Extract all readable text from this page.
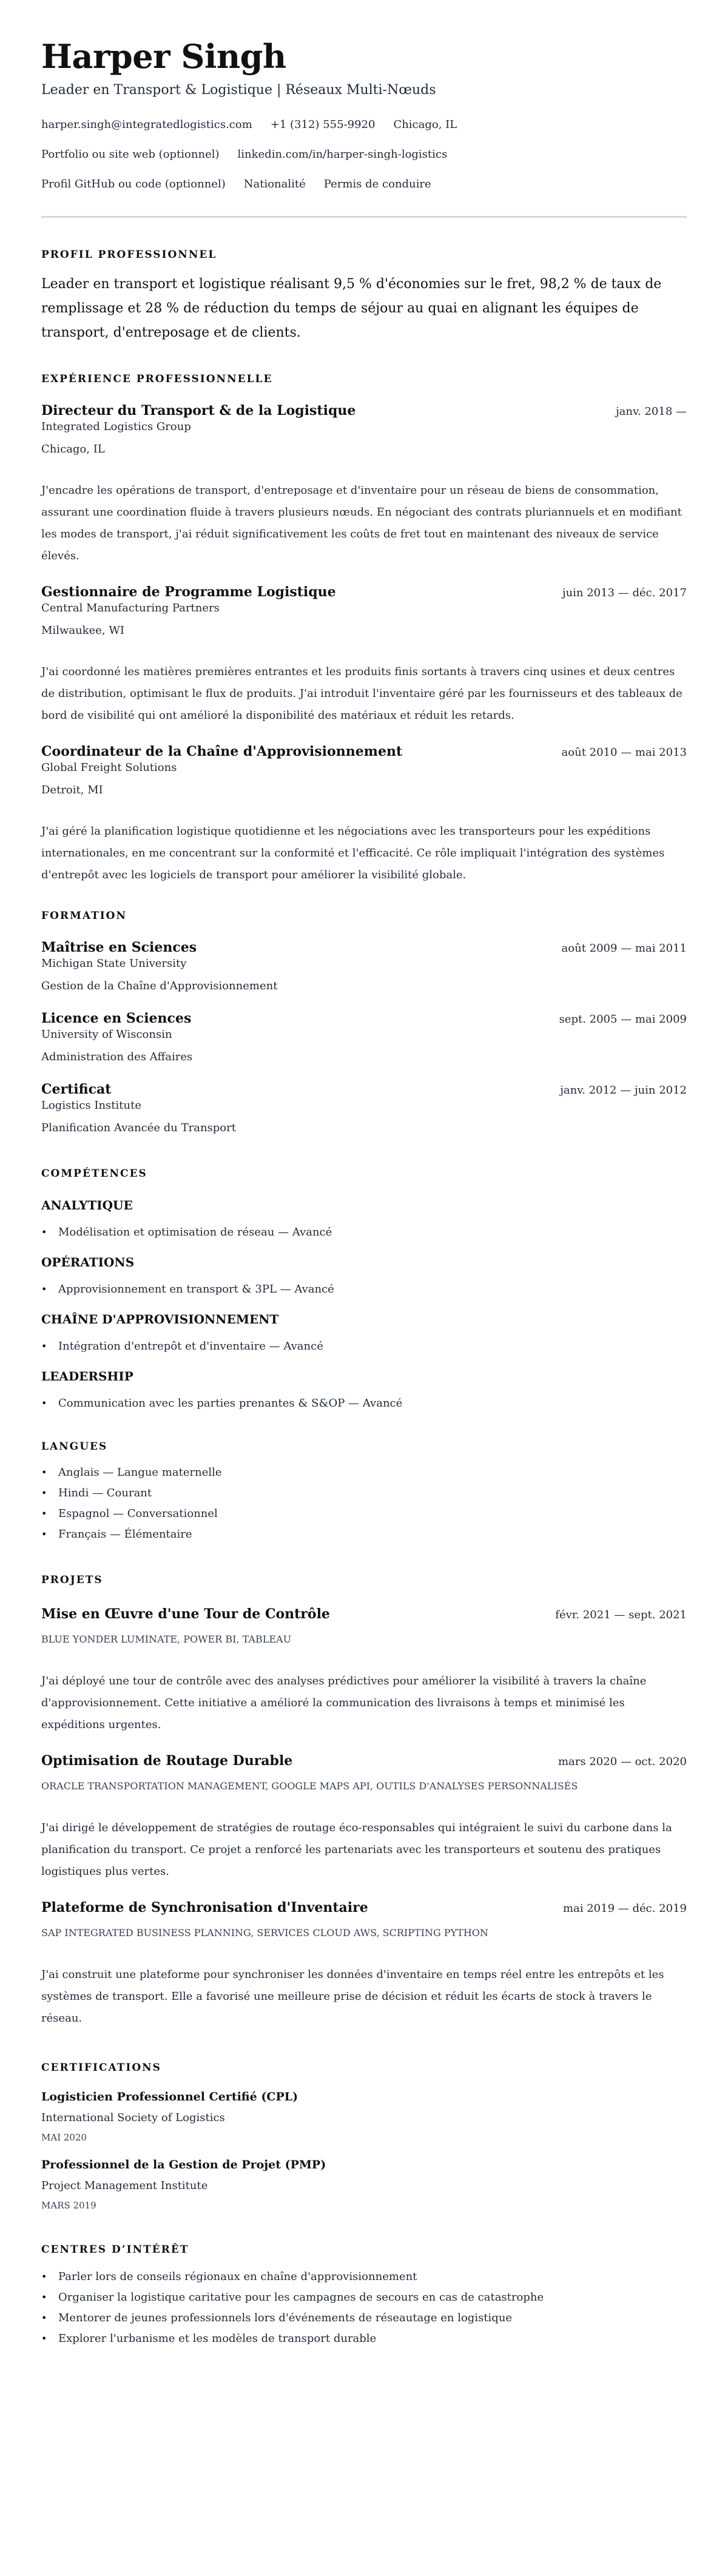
Harper Singh
Leader en Transport & Logistique | Réseaux Multi-Nœuds
harper.singh@integratedlogistics.com +1 (312) 555-9920 Chicago, IL
Portfolio ou site web (optionnel) linkedin.com/in/harper-singh-logistics
Profil GitHub ou code (optionnel) Nationalité Permis de conduire
PROFIL PROFESSIONNEL

Leader en transport et logistique réalisant 9,5 % d'économies sur le fret, 98,2 % de taux de remplissage et 28 % de réduction du temps de séjour au quai en alignant les équipes de transport, d'entreposage et de clients.

EXPÉRIENCE PROFESSIONNELLE
Directeur du Transport & de la Logistique	janv. 2018 —
Integrated Logistics Group
Chicago, IL

J'encadre les opérations de transport, d'entreposage et d'inventaire pour un réseau de biens de consommation, assurant une coordination fluide à travers plusieurs nœuds. En négociant des contrats pluriannuels et en modifiant les modes de transport, j'ai réduit significativement les coûts de fret tout en maintenant des niveaux de service élevés.

Gestionnaire de Programme Logistique	juin 2013 — déc. 2017
Central Manufacturing Partners
Milwaukee, WI

J'ai coordonné les matières premières entrantes et les produits finis sortants à travers cinq usines et deux centres de distribution, optimisant le flux de produits. J'ai introduit l'inventaire géré par les fournisseurs et des tableaux de bord de visibilité qui ont amélioré la disponibilité des matériaux et réduit les retards.

Coordinateur de la Chaîne d'Approvisionnement	août 2010 — mai 2013
Global Freight Solutions
Detroit, MI

J'ai géré la planification logistique quotidienne et les négociations avec les transporteurs pour les expéditions internationales, en me concentrant sur la conformité et l'efficacité. Ce rôle impliquait l'intégration des systèmes d'entrepôt avec les logiciels de transport pour améliorer la visibilité globale.

FORMATION
Maîtrise en Sciences	août 2009 — mai 2011
Michigan State University
Gestion de la Chaîne d'Approvisionnement
Licence en Sciences	sept. 2005 — mai 2009
University of Wisconsin
Administration des Affaires
Certificat	janv. 2012 — juin 2012
Logistics Institute
Planification Avancée du Transport
COMPÉTENCES
ANALYTIQUE
• Modélisation et optimisation de réseau — Avancé
OPÉRATIONS
• Approvisionnement en transport & 3PL — Avancé
CHAÎNE D'APPROVISIONNEMENT
• Intégration d'entrepôt et d'inventaire — Avancé
LEADERSHIP
• Communication avec les parties prenantes & S&OP — Avancé
LANGUES
• Anglais — Langue maternelle
• Hindi — Courant
• Espagnol — Conversationnel
• Français — Élémentaire
PROJETS
Mise en Œuvre d'une Tour de Contrôle	févr. 2021 — sept. 2021
BLUE YONDER LUMINATE, POWER BI, TABLEAU

J'ai déployé une tour de contrôle avec des analyses prédictives pour améliorer la visibilité à travers la chaîne d'approvisionnement. Cette initiative a amélioré la communication des livraisons à temps et minimisé les expéditions urgentes.

Optimisation de Routage Durable	mars 2020 — oct. 2020
ORACLE TRANSPORTATION MANAGEMENT, GOOGLE MAPS API, OUTILS D'ANALYSES PERSONNALISÉS

J'ai dirigé le développement de stratégies de routage éco-responsables qui intégraient le suivi du carbone dans la planification du transport. Ce projet a renforcé les partenariats avec les transporteurs et soutenu des pratiques logistiques plus vertes.

Plateforme de Synchronisation d'Inventaire	mai 2019 — déc. 2019
SAP INTEGRATED BUSINESS PLANNING, SERVICES CLOUD AWS, SCRIPTING PYTHON

J'ai construit une plateforme pour synchroniser les données d'inventaire en temps réel entre les entrepôts et les systèmes de transport. Elle a favorisé une meilleure prise de décision et réduit les écarts de stock à travers le réseau.

CERTIFICATIONS
Logisticien Professionnel Certifié (CPL)
International Society of Logistics
MAI 2020
Professionnel de la Gestion de Projet (PMP)
Project Management Institute
MARS 2019
CENTRES D’INTÉRÊT
• Parler lors de conseils régionaux en chaîne d'approvisionnement
• Organiser la logistique caritative pour les campagnes de secours en cas de catastrophe
• Mentorer de jeunes professionnels lors d'événements de réseautage en logistique
• Explorer l'urbanisme et les modèles de transport durable
